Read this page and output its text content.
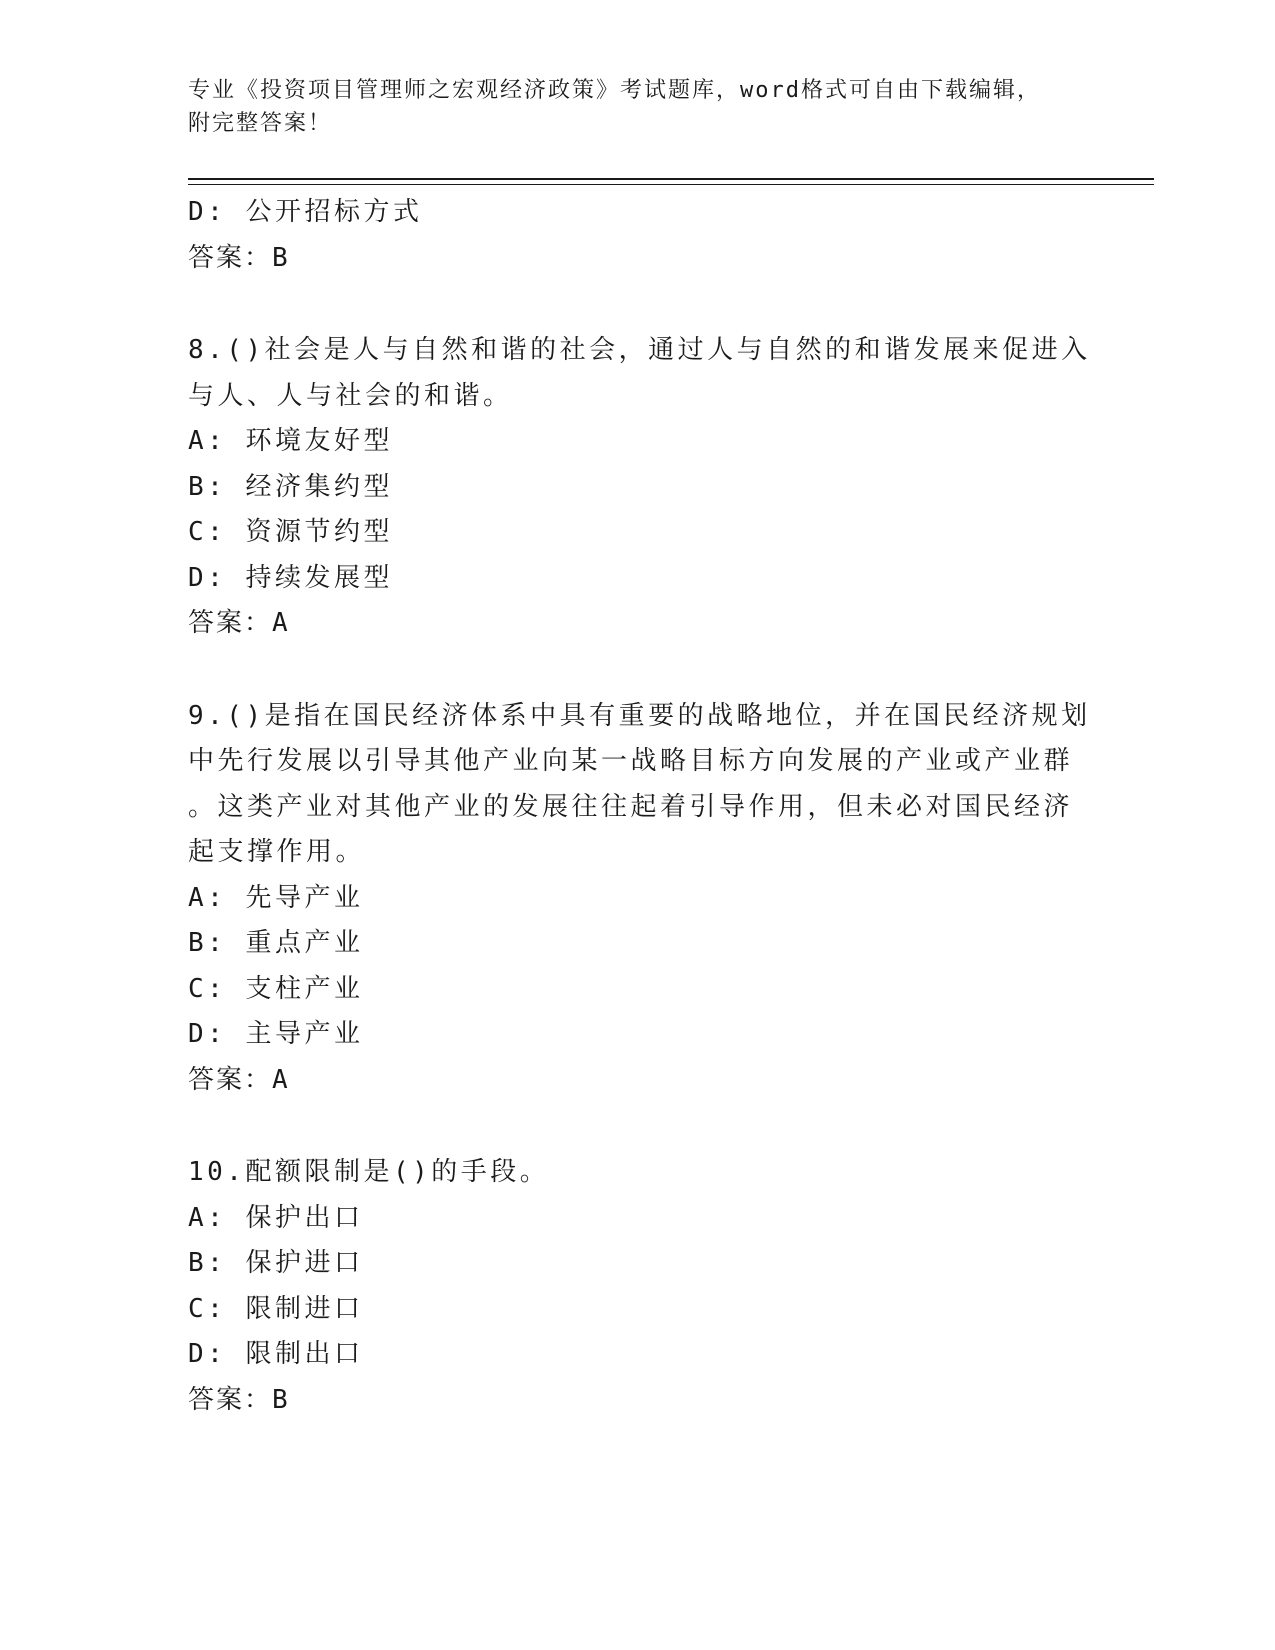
专业《投资项目管理师之宏观经济政策》考试题库，word格式可自由下载编辑，
附完整答案！
D: 公开招标方式
答案：B
8.()社会是人与自然和谐的社会，通过人与自然的和谐发展来促进入
与人、人与社会的和谐。
A: 环境友好型
B: 经济集约型
C: 资源节约型
D: 持续发展型
答案：A
9.()是指在国民经济体系中具有重要的战略地位，并在国民经济规划
中先行发展以引导其他产业向某一战略目标方向发展的产业或产业群
。这类产业对其他产业的发展往往起着引导作用，但未必对国民经济
起支撑作用。
A: 先导产业
B: 重点产业
C: 支柱产业
D: 主导产业
答案：A
10.配额限制是()的手段。
A: 保护出口
B: 保护进口
C: 限制进口
D: 限制出口
答案：B
